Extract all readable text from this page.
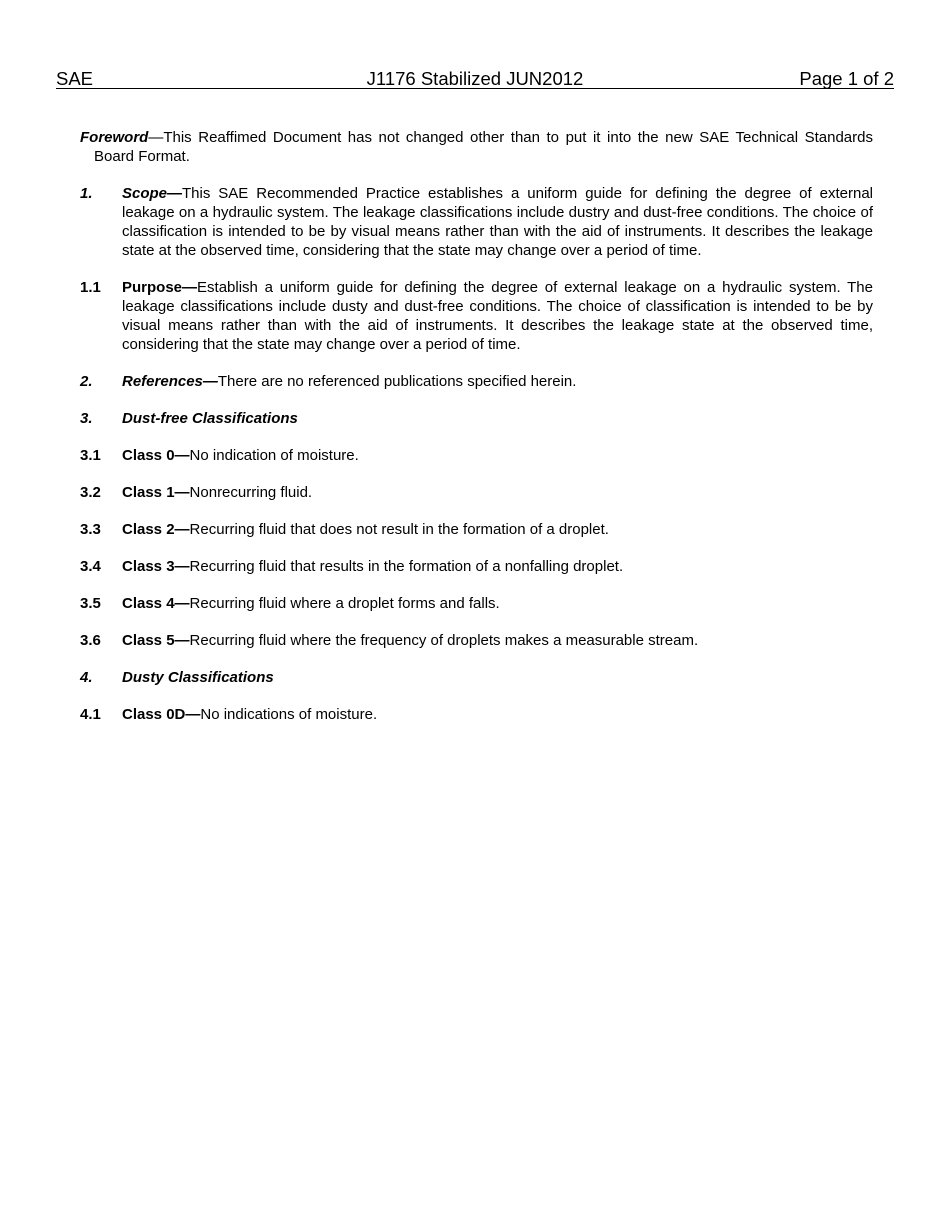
SAE	J1176 Stabilized JUN2012	Page 1 of 2

Foreword—This Reaffimed Document has not changed other than to put it into the new SAE Technical Standards Board Format.

1. Scope—This SAE Recommended Practice establishes a uniform guide for defining the degree of external leakage on a hydraulic system. The leakage classifications include dustry and dust-free conditions. The choice of classification is intended to be by visual means rather than with the aid of instruments. It describes the leakage state at the observed time, considering that the state may change over a period of time.
1.1 Purpose—Establish a uniform guide for defining the degree of external leakage on a hydraulic system. The leakage classifications include dusty and dust-free conditions. The choice of classification is intended to be by visual means rather than with the aid of instruments. It describes the leakage state at the observed time, considering that the state may change over a period of time.
2. References—There are no referenced publications specified herein.
3. Dust-free Classifications
3.1 Class 0—No indication of moisture.
3.2 Class 1—Nonrecurring fluid.
3.3 Class 2—Recurring fluid that does not result in the formation of a droplet.
3.4 Class 3—Recurring fluid that results in the formation of a nonfalling droplet.
3.5 Class 4—Recurring fluid where a droplet forms and falls.
3.6 Class 5—Recurring fluid where the frequency of droplets makes a measurable stream.
4. Dusty Classifications
4.1 Class 0D—No indications of moisture.
